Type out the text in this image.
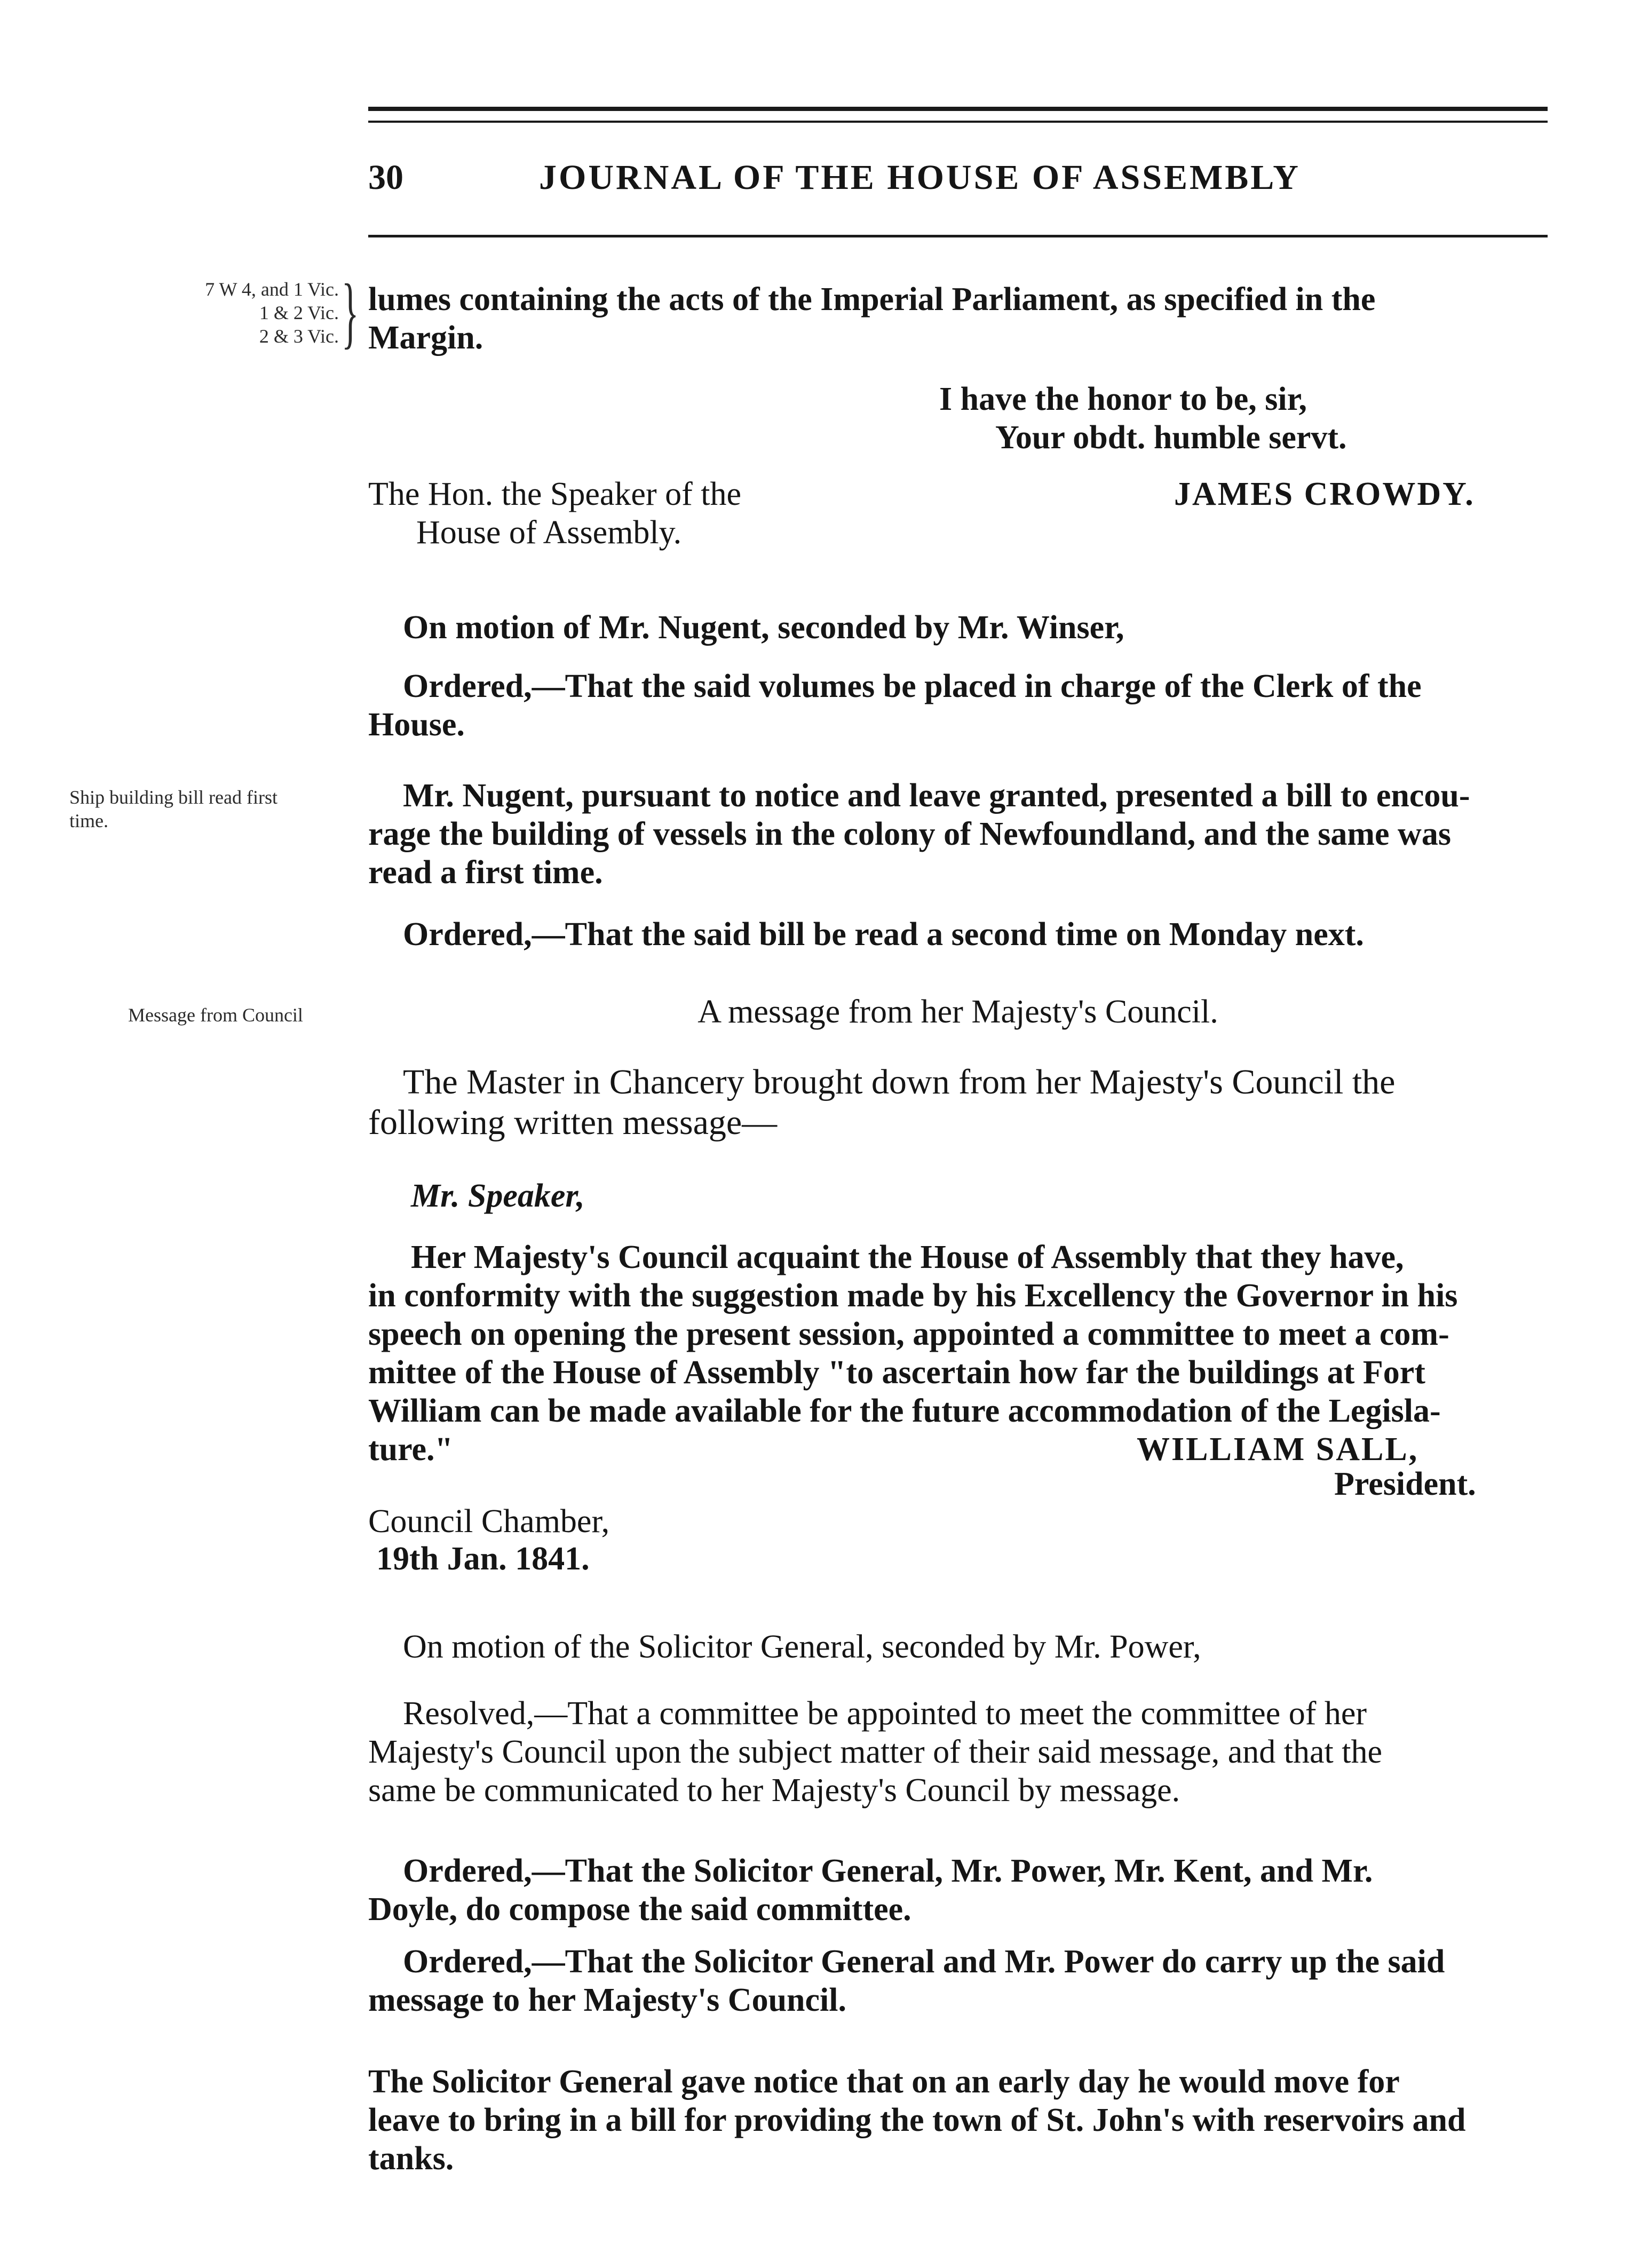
30	JOURNAL OF THE HOUSE OF ASSEMBLY
7 W 4, and 1 Vic.
1 & 2 Vic.
2 & 3 Vic. } lumes containing the acts of the Imperial Parliament, as specified in the
Margin.
I have the honor to be, sir,
Your obdt. humble servt.
The Hon. the Speaker of the
House of Assembly.
JAMES CROWDY.
On motion of Mr. Nugent, seconded by Mr. Winser,
Ordered,—That the said volumes be placed in charge of the Clerk of the
House.
Ship building bill read first
time.
Mr. Nugent, pursuant to notice and leave granted, presented a bill to encou-
rage the building of vessels in the colony of Newfoundland, and the same was
read a first time.
Ordered,—That the said bill be read a second time on Monday next.
Message from Council	A message from her Majesty's Council.
The Master in Chancery brought down from her Majesty's Council the
following written message—
Mr. Speaker,
Her Majesty's Council acquaint the House of Assembly that they have,
in conformity with the suggestion made by his Excellency the Governor in his
speech on opening the present session, appointed a committee to meet a com-
mittee of the House of Assembly "to ascertain how far the buildings at Fort
William can be made available for the future accommodation of the Legisla-
ture."	WILLIAM SALL,
President.
Council Chamber,
19th Jan. 1841.
On motion of the Solicitor General, seconded by Mr. Power,
Resolved,—That a committee be appointed to meet the committee of her
Majesty's Council upon the subject matter of their said message, and that the
same be communicated to her Majesty's Council by message.
Ordered,—That the Solicitor General, Mr. Power, Mr. Kent, and Mr.
Doyle, do compose the said committee.
Ordered,—That the Solicitor General and Mr. Power do carry up the said
message to her Majesty's Council.
The Solicitor General gave notice that on an early day he would move for
leave to bring in a bill for providing the town of St. John's with reservoirs and
tanks.
